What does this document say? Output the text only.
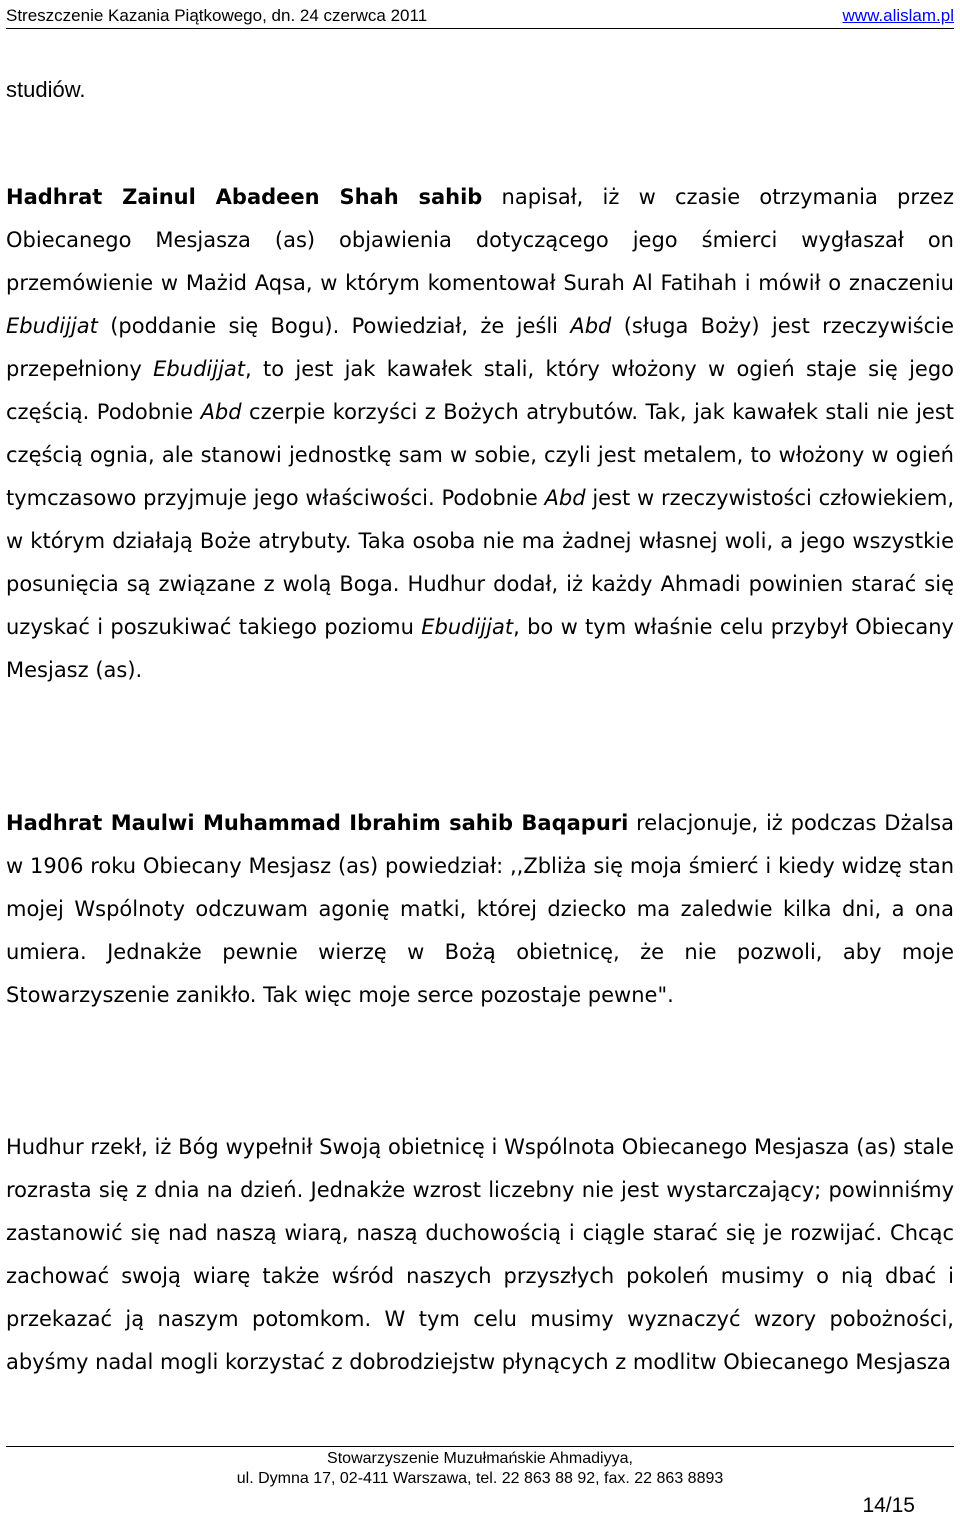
Streszczenie Kazania Piątkowego, dn. 24 czerwca 2011	www.alislam.pl

studiów.

Hadhrat Zainul Abadeen Shah sahib napisał, iż w czasie otrzymania przez Obiecanego Mesjasza (as) objawienia dotyczącego jego śmierci wygłaszał on przemówienie w Mażid Aqsa, w którym komentował Surah Al Fatihah i mówił o znaczeniu Ebudijjat (poddanie się Bogu). Powiedział, że jeśli Abd (sługa Boży) jest rzeczywiście przepełniony Ebudijjat, to jest jak kawałek stali, który włożony w ogień staje się jego częścią. Podobnie Abd czerpie korzyści z Bożych atrybutów. Tak, jak kawałek stali nie jest częścią ognia, ale stanowi jednostkę sam w sobie, czyli jest metalem, to włożony w ogień tymczasowo przyjmuje jego właściwości. Podobnie Abd jest w rzeczywistości człowiekiem, w którym działają Boże atrybuty. Taka osoba nie ma żadnej własnej woli, a jego wszystkie posunięcia są związane z wolą Boga. Hudhur dodał, iż każdy Ahmadi powinien starać się uzyskać i poszukiwać takiego poziomu Ebudijjat, bo w tym właśnie celu przybył Obiecany Mesjasz (as).

Hadhrat Maulwi Muhammad Ibrahim sahib Baqapuri relacjonuje, iż podczas Dżalsa w 1906 roku Obiecany Mesjasz (as) powiedział: ,,Zbliża się moja śmierć i kiedy widzę stan mojej Wspólnoty odczuwam agonię matki, której dziecko ma zaledwie kilka dni, a ona umiera. Jednakże pewnie wierzę w Bożą obietnicę, że nie pozwoli, aby moje Stowarzyszenie zanikło. Tak więc moje serce pozostaje pewne".

Hudhur rzekł, iż Bóg wypełnił Swoją obietnicę i Wspólnota Obiecanego Mesjasza (as) stale rozrasta się z dnia na dzień. Jednakże wzrost liczebny nie jest wystarczający; powinniśmy zastanowić się nad naszą wiarą, naszą duchowością i ciągle starać się je rozwijać. Chcąc zachować swoją wiarę także wśród naszych przyszłych pokoleń musimy o nią dbać i przekazać ją naszym potomkom. W tym celu musimy wyznaczyć wzory pobożności, abyśmy nadal mogli korzystać z dobrodziejstw płynących z modlitw Obiecanego Mesjasza

Stowarzyszenie Muzułmańskie Ahmadiyya,
ul. Dymna 17, 02-411 Warszawa, tel. 22 863 88 92, fax. 22 863 8893
14/15
